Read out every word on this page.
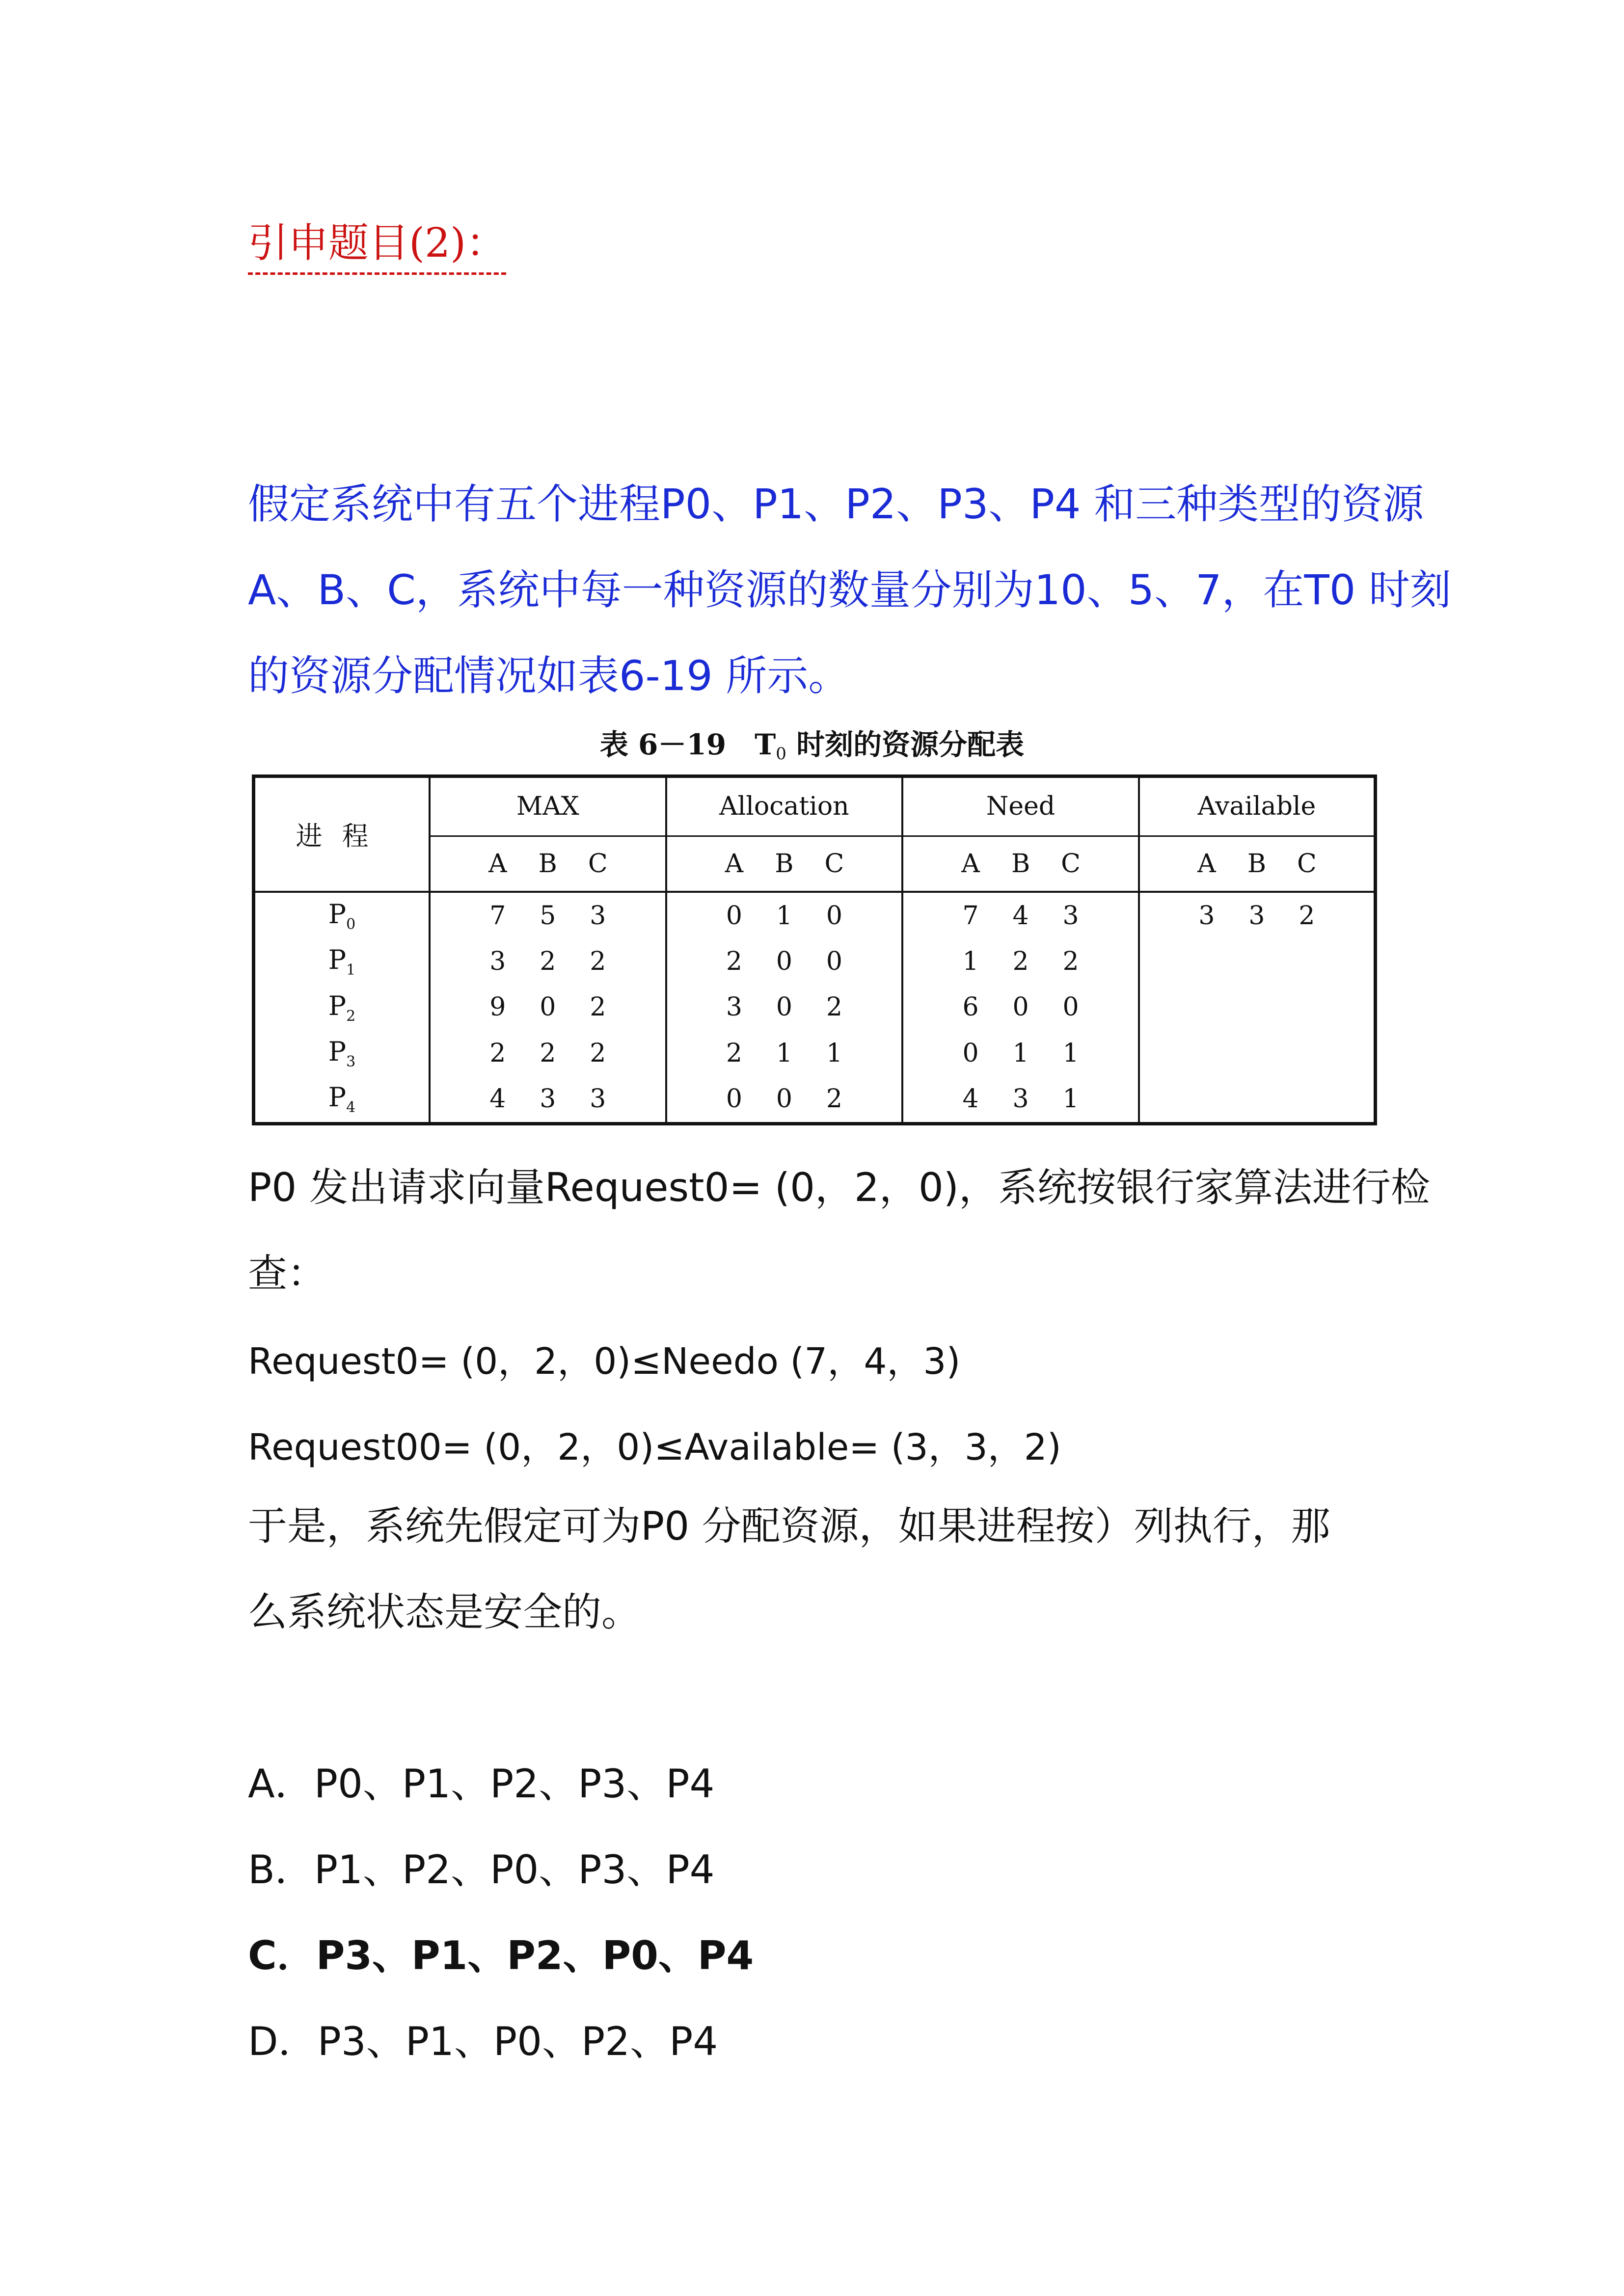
引申题目(2)：
假定系统中有五个进程P0、P1、P2、P3、P4 和三种类型的资源
A、B、C，系统中每一种资源的数量分别为10、5、7，在T0 时刻
的资源分配情况如表6-19 所示。
表 6－19　$T_0$ 时刻的资源分配表
进程	MAX	Allocation	Need	Available

	A B C	A B C	A B C	A B C

$P_0$	7 5 3	0 1 0	7 4 3	3 3 2

$P_1$	3 2 2	2 0 0	1 2 2	

$P_2$	9 0 2	3 0 2	6 0 0	

$P_3$	2 2 2	2 1 1	0 1 1	

$P_4$	4 3 3	0 0 2	4 3 1	

P0 发出请求向量Request0= (0，2，0)，系统按银行家算法进行检
查：
Request0= (0，2，0)≤Needo (7，4，3)
Request00= (0，2，0)≤Available= (3，3，2)
于是，系统先假定可为P0 分配资源，如果进程按）列执行，那
么系统状态是安全的。
A．P0、P1、P2、P3、P4
B．P1、P2、P0、P3、P4
C．P3、P1、P2、P0、P4
D．P3、P1、P0、P2、P4
